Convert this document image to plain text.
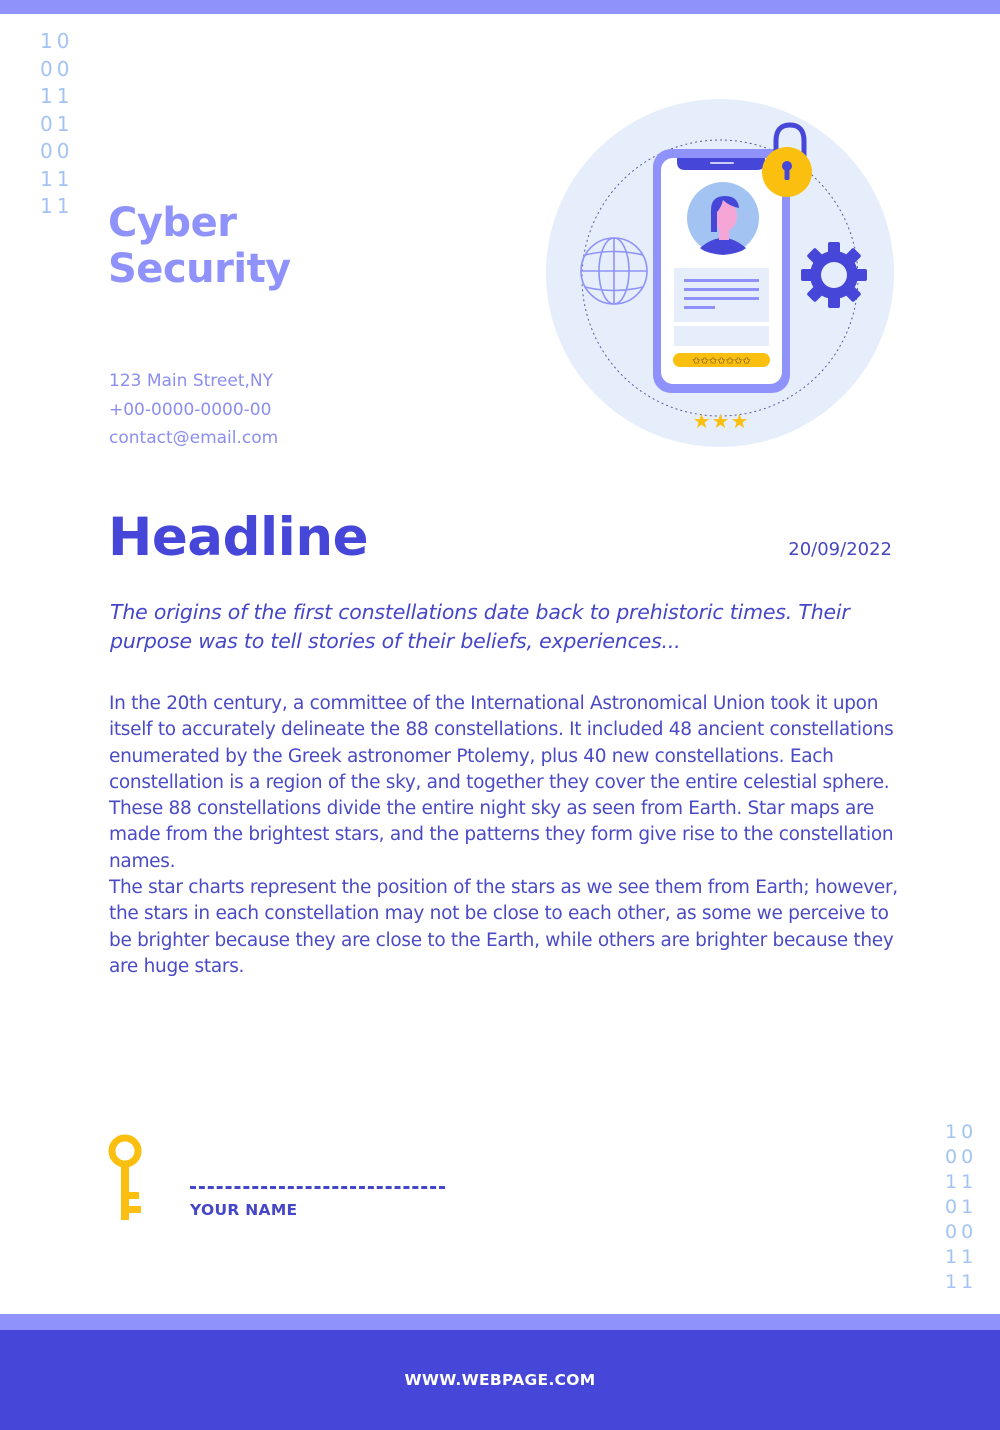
10
00
11
01
00
11
11 Cyber
Security
123 Main Street,NY
+00-0000-0000-00
contact@email.com
✩✩✩✩✩✩✩
★★★
Headline	20/09/2022
The origins of the first constellations date back to prehistoric times. Their purpose was to tell stories of their beliefs, experiences...

In the 20th century, a committee of the International Astronomical Union took it upon itself to accurately delineate the 88 constellations. It included 48 ancient constellations enumerated by the Greek astronomer Ptolemy, plus 40 new constellations. Each constellation is a region of the sky, and together they cover the entire celestial sphere.

These 88 constellations divide the entire night sky as seen from Earth. Star maps are made from the brightest stars, and the patterns they form give rise to the constellation names.

The star charts represent the position of the stars as we see them from Earth; however, the stars in each constellation may not be close to each other, as some we perceive to be brighter because they are close to the Earth, while others are brighter because they are huge stars.

YOUR NAME
10
00
11
01
00
11
11
WWW.WEBPAGE.COM
